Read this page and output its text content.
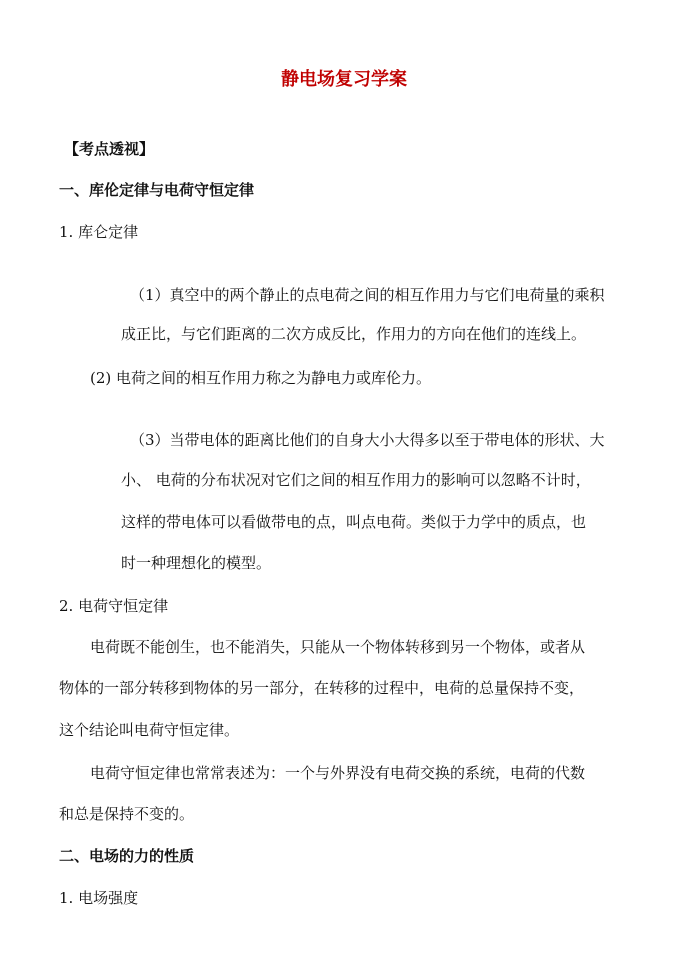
静电场复习学案
【考点透视】
一、库伦定律与电荷守恒定律
1. 库仑定律
（1）真空中的两个静止的点电荷之间的相互作用力与它们电荷量的乘积
成正比，与它们距离的二次方成反比，作用力的方向在他们的连线上。
(2) 电荷之间的相互作用力称之为静电力或库伦力。
（3）当带电体的距离比他们的自身大小大得多以至于带电体的形状、大
小、 电荷的分布状况对它们之间的相互作用力的影响可以忽略不计时，
这样的带电体可以看做带电的点，叫点电荷。类似于力学中的质点，也
时一种理想化的模型。
2. 电荷守恒定律
电荷既不能创生，也不能消失，只能从一个物体转移到另一个物体，或者从
物体的一部分转移到物体的另一部分，在转移的过程中，电荷的总量保持不变，
这个结论叫电荷守恒定律。
电荷守恒定律也常常表述为：一个与外界没有电荷交换的系统，电荷的代数
和总是保持不变的。
二、电场的力的性质
1. 电场强度
